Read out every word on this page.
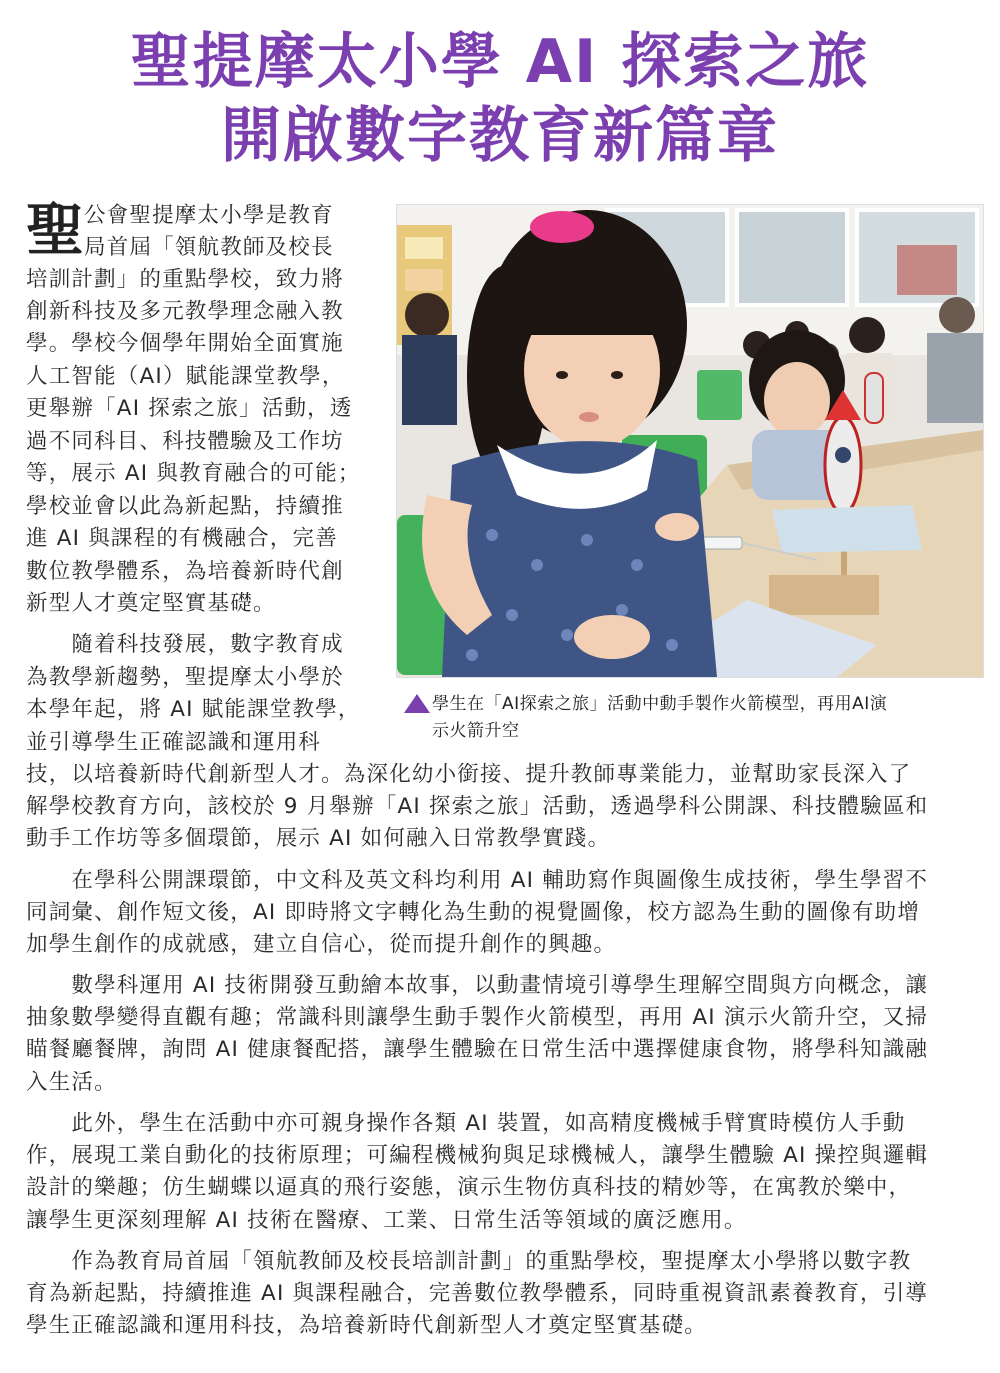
聖提摩太小學 AI 探索之旅
開啟數字教育新篇章
聖 公會聖提摩太小學是教育
局首屆「領航教師及校長
培訓計劃」的重點學校，致力將
創新科技及多元教學理念融入教
學。學校今個學年開始全面實施
人工智能（AI）賦能課堂教學，
更舉辦「AI 探索之旅」活動，透
過不同科目、科技體驗及工作坊
等，展示 AI 與教育融合的可能；
學校並會以此為新起點，持續推
進 AI 與課程的有機融合，完善
數位教學體系，為培養新時代創
新型人才奠定堅實基礎。
　　隨着科技發展，數字教育成
為教學新趨勢，聖提摩太小學於
本學年起，將 AI 賦能課堂教學，
並引導學生正確認識和運用科
學生在「AI探索之旅」活動中動手製作火箭模型，再用AI演
示火箭升空
技，以培養新時代創新型人才。為深化幼小銜接、提升教師專業能力，並幫助家長深入了
解學校教育方向，該校於 9 月舉辦「AI 探索之旅」活動，透過學科公開課、科技體驗區和
動手工作坊等多個環節，展示 AI 如何融入日常教學實踐。
　　在學科公開課環節，中文科及英文科均利用 AI 輔助寫作與圖像生成技術，學生學習不
同詞彙、創作短文後，AI 即時將文字轉化為生動的視覺圖像，校方認為生動的圖像有助增
加學生創作的成就感，建立自信心，從而提升創作的興趣。
　　數學科運用 AI 技術開發互動繪本故事，以動畫情境引導學生理解空間與方向概念，讓
抽象數學變得直觀有趣；常識科則讓學生動手製作火箭模型，再用 AI 演示火箭升空，又掃
瞄餐廳餐牌，詢問 AI 健康餐配搭，讓學生體驗在日常生活中選擇健康食物，將學科知識融
入生活。
　　此外，學生在活動中亦可親身操作各類 AI 裝置，如高精度機械手臂實時模仿人手動
作，展現工業自動化的技術原理；可編程機械狗與足球機械人，讓學生體驗 AI 操控與邏輯
設計的樂趣；仿生蝴蝶以逼真的飛行姿態，演示生物仿真科技的精妙等，在寓教於樂中，
讓學生更深刻理解 AI 技術在醫療、工業、日常生活等領域的廣泛應用。
　　作為教育局首屆「領航教師及校長培訓計劃」的重點學校，聖提摩太小學將以數字教
育為新起點，持續推進 AI 與課程融合，完善數位教學體系，同時重視資訊素養教育，引導
學生正確認識和運用科技，為培養新時代創新型人才奠定堅實基礎。
